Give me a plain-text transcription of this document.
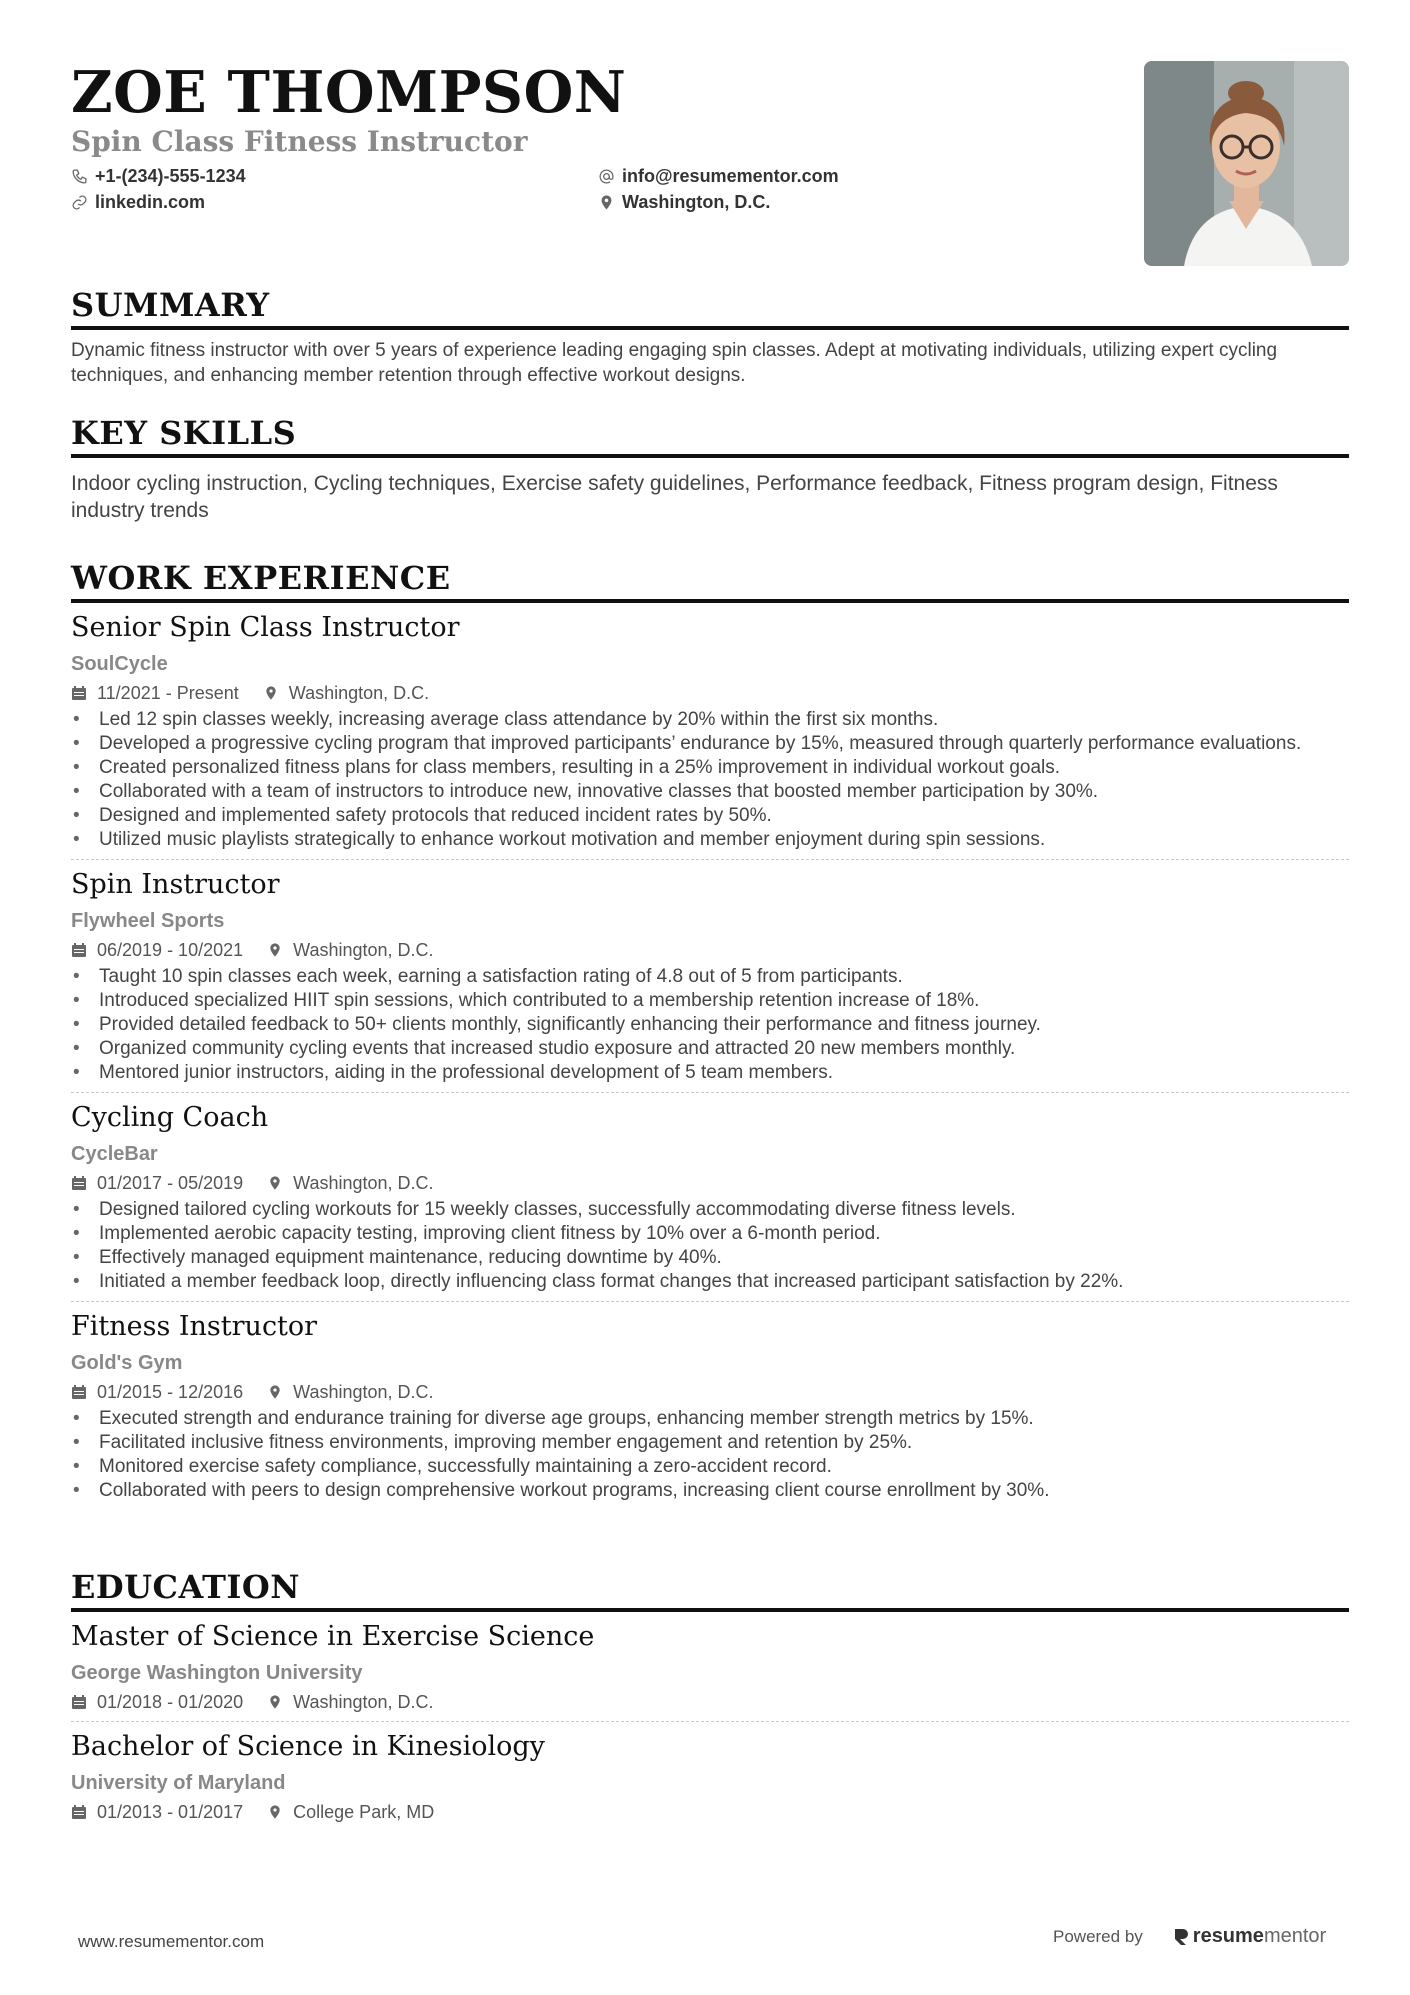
ZOE THOMPSON
Spin Class Fitness Instructor
+1-(234)-555-1234	info@resumementor.com
linkedin.com	Washington, D.C.
SUMMARY
Dynamic fitness instructor with over 5 years of experience leading engaging spin classes. Adept at motivating individuals, utilizing expert cycling techniques, and enhancing member retention through effective workout designs.
KEY SKILLS
Indoor cycling instruction, Cycling techniques, Exercise safety guidelines, Performance feedback, Fitness program design, Fitness industry trends
WORK EXPERIENCE
Senior Spin Class Instructor
SoulCycle
11/2021 - Present	Washington, D.C.
• Led 12 spin classes weekly, increasing average class attendance by 20% within the first six months.
• Developed a progressive cycling program that improved participants’ endurance by 15%, measured through quarterly performance evaluations.
• Created personalized fitness plans for class members, resulting in a 25% improvement in individual workout goals.
• Collaborated with a team of instructors to introduce new, innovative classes that boosted member participation by 30%.
• Designed and implemented safety protocols that reduced incident rates by 50%.
• Utilized music playlists strategically to enhance workout motivation and member enjoyment during spin sessions.
Spin Instructor
Flywheel Sports
06/2019 - 10/2021	Washington, D.C.
• Taught 10 spin classes each week, earning a satisfaction rating of 4.8 out of 5 from participants.
• Introduced specialized HIIT spin sessions, which contributed to a membership retention increase of 18%.
• Provided detailed feedback to 50+ clients monthly, significantly enhancing their performance and fitness journey.
• Organized community cycling events that increased studio exposure and attracted 20 new members monthly.
• Mentored junior instructors, aiding in the professional development of 5 team members.
Cycling Coach
CycleBar
01/2017 - 05/2019	Washington, D.C.
• Designed tailored cycling workouts for 15 weekly classes, successfully accommodating diverse fitness levels.
• Implemented aerobic capacity testing, improving client fitness by 10% over a 6-month period.
• Effectively managed equipment maintenance, reducing downtime by 40%.
• Initiated a member feedback loop, directly influencing class format changes that increased participant satisfaction by 22%.
Fitness Instructor
Gold's Gym
01/2015 - 12/2016	Washington, D.C.
• Executed strength and endurance training for diverse age groups, enhancing member strength metrics by 15%.
• Facilitated inclusive fitness environments, improving member engagement and retention by 25%.
• Monitored exercise safety compliance, successfully maintaining a zero-accident record.
• Collaborated with peers to design comprehensive workout programs, increasing client course enrollment by 30%.
EDUCATION
Master of Science in Exercise Science
George Washington University
01/2018 - 01/2020	Washington, D.C.
Bachelor of Science in Kinesiology
University of Maryland
01/2013 - 01/2017	College Park, MD
www.resumementor.com	Powered by	resume mentor
